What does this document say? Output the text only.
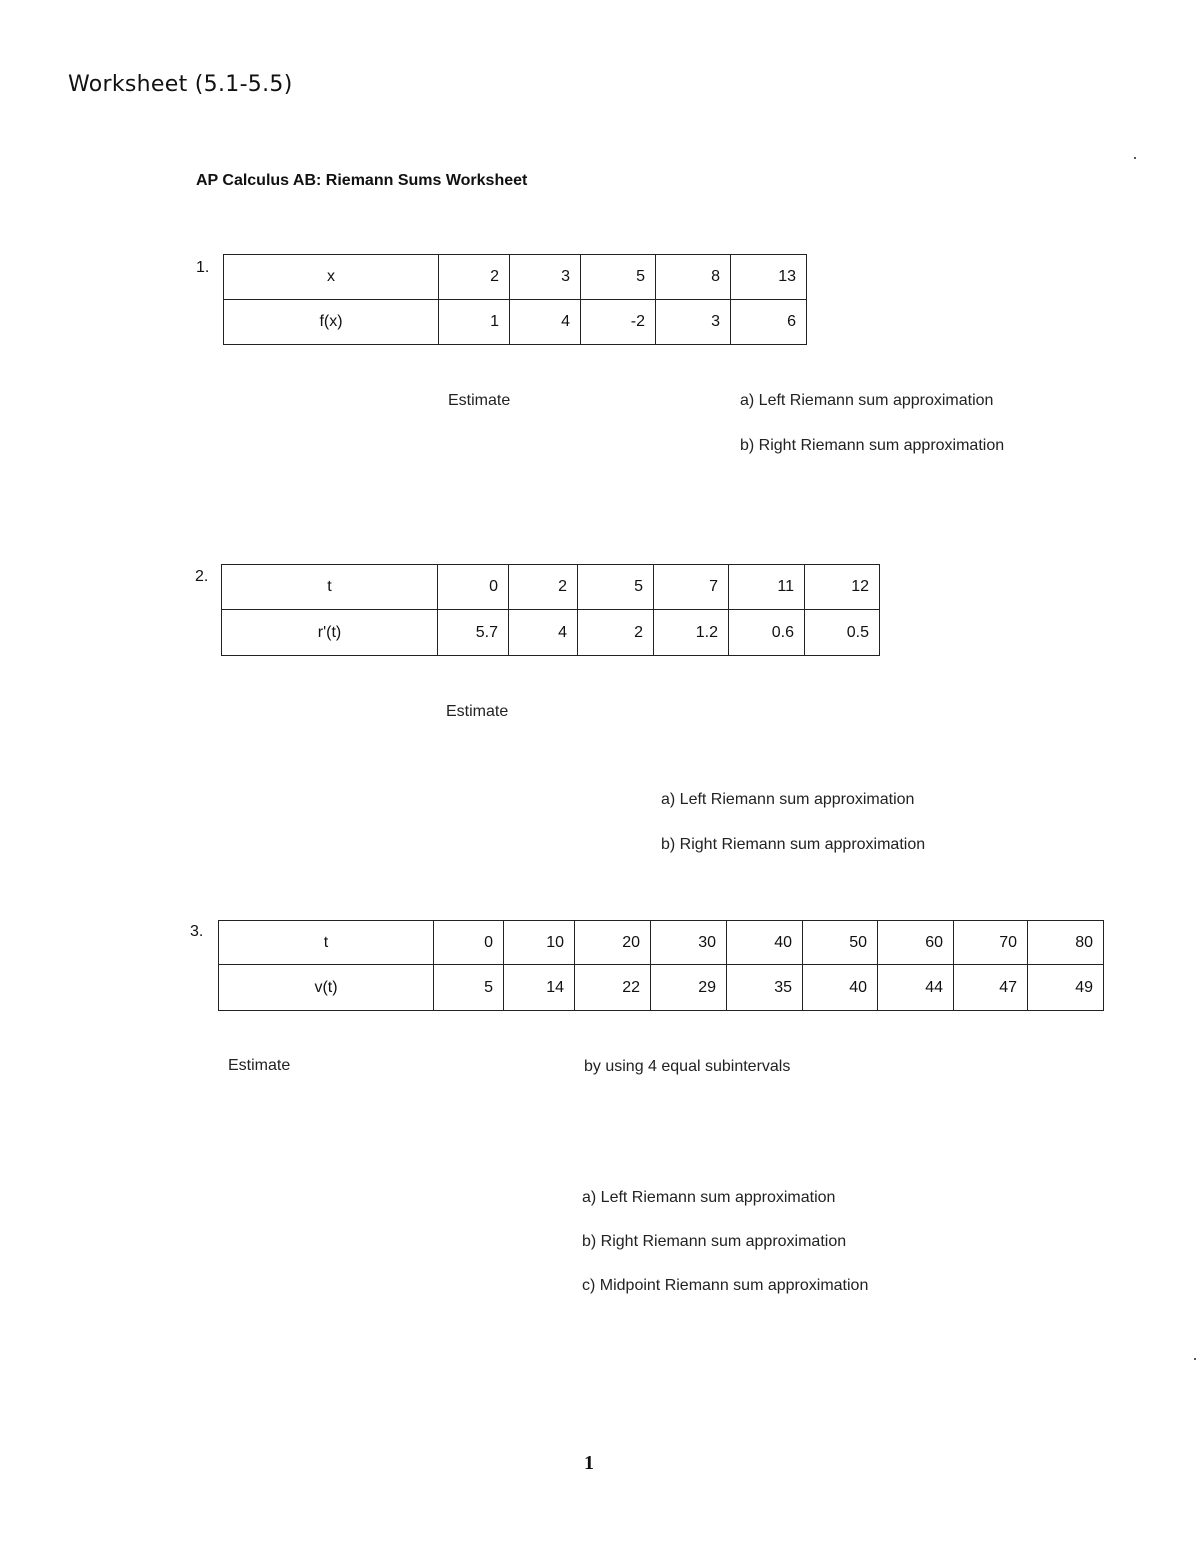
Worksheet (5.1-5.5)
AP Calculus AB: Riemann Sums Worksheet
1.
x	2	3	5	8	13
f(x)	1	4	-2	3	6
Estimate	a) Left Riemann sum approximation
b) Right Riemann sum approximation
2.
t	0	2	5	7	11	12
r'(t)	5.7	4	2	1.2	0.6	0.5
Estimate
a) Left Riemann sum approximation
b) Right Riemann sum approximation
3.
t	0	10	20	30	40	50	60	70	80
v(t)	5	14	22	29	35	40	44	47	49
Estimate	by using 4 equal subintervals
a) Left Riemann sum approximation
b) Right Riemann sum approximation
c) Midpoint Riemann sum approximation
1
